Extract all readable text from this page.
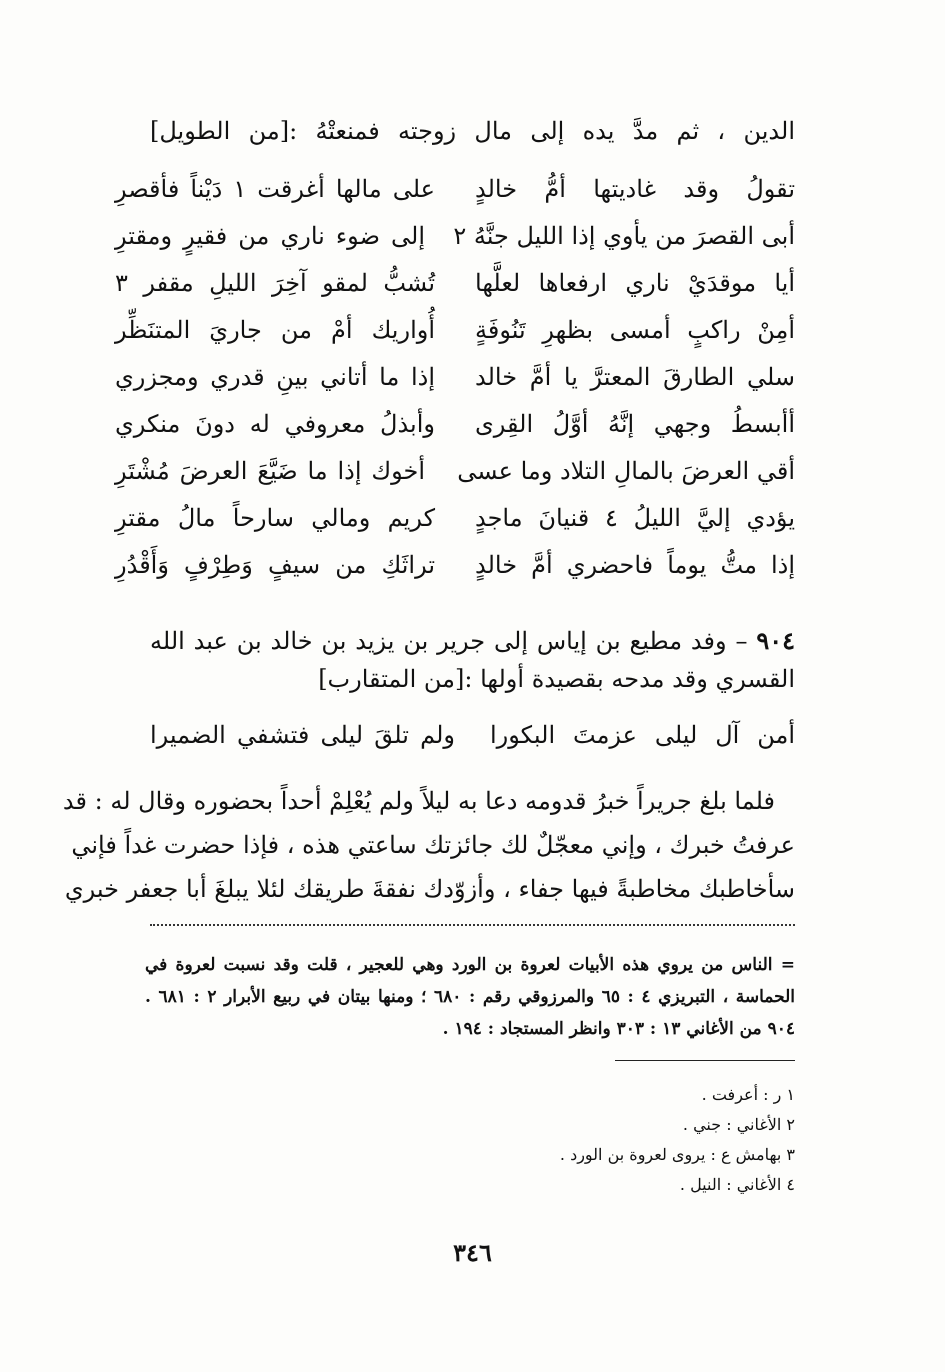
الدين ، ثم مدَّ يده إلى مال زوجته فمنعتْهُ :[من الطويل]
تقولُ وقد غاديتها أمُّ خالدٍ
على مالها أغرقت ١ دَيْناً فأقصرِ
أبى القصرَ من يأوي إذا الليل جنَّهُ ٢
إلى ضوء ناري من فقيرٍ ومقترِ
أيا موقدَيْ ناري ارفعاها لعلَّها
تُشبُّ لمقو آخِرَ الليلِ مقفر ٣
أمِنْ راكبٍ أمسى بظهرِ تَنُوفَةٍ
أُواريك أمْ من جاريَ المتنَظِّر
سلي الطارقَ المعترَّ يا أمَّ خالد
إذا ما أتاني بينِ قدري ومجزري
أأبسطُ وجهي إنَّهُ أوَّلُ القِرى
وأبذلُ معروفي له دونَ منكري
أقي العرضَ بالمالِ التلاد وما عسى
أخوك إذا ما ضَيَّعَ العرضَ مُشْتَرِ
يؤدي إليَّ الليلُ ٤ قنيانَ ماجدٍ
كريم ومالي سارحاً مالُ مقترِ
إذا متُّ يوماً فاحضري أمَّ خالدٍ
تراثَكِ من سيفٍ وَطِرْفٍ وَأَقْدُرِ
٩٠٤ – وفد مطيع بن إياس إلى جرير بن يزيد بن خالد بن عبد الله
القسري وقد مدحه بقصيدة أولها :[من المتقارب]
أمن آل ليلى عزمتَ البكورا
ولم تلقَ ليلى فتشفي الضميرا
فلما بلغ جريراً خبرُ قدومه دعا به ليلاً ولم يُعْلِمْ أحداً بحضوره وقال له : قد
عرفتُ خبرك ، وإني معجّلٌ لك جائزتك ساعتي هذه ، فإذا حضرت غداً فإني
سأخاطبك مخاطبةً فيها جفاء ، وأزوّدك نفقةَ طريقك لئلا يبلغَ أبا جعفر خبري
= الناس من يروي هذه الأبيات لعروة بن الورد وهي للعجير ، قلت وقد نسبت لعروة في
الحماسة ، التبريزي ٤ : ٦٥ والمرزوقي رقم : ٦٨٠ ؛ ومنها بيتان في ربيع الأبرار ٢ : ٦٨١ .
٩٠٤ من الأغاني ١٣ : ٣٠٣ وانظر المستجاد : ١٩٤ .
١ ر : أعرفت .
٢ الأغاني : جني .
٣ بهامش ع : يروى لعروة بن الورد .
٤ الأغاني : النيل .
٣٤٦
